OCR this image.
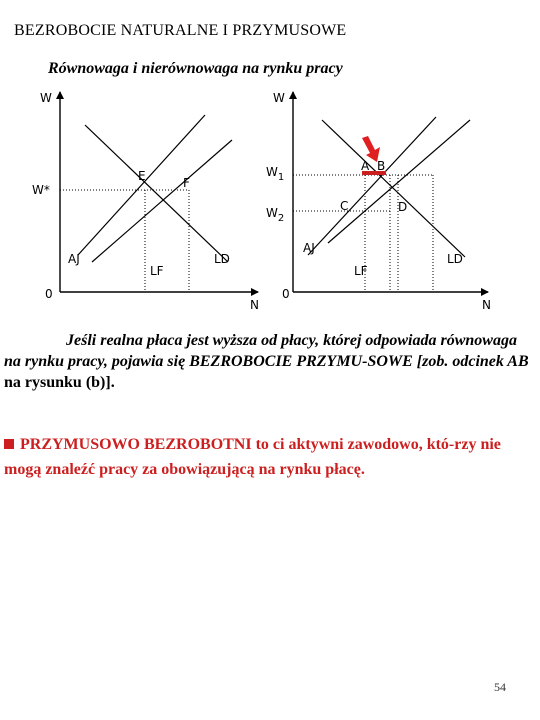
BEZROBOCIE NATURALNE I PRZYMUSOWE
Równowaga i nierównowaga na rynku pracy
W
W*
0
N
E	F
AJ
LF
LD
W
$W_1$
$W_2$
0
N
A B
C	D
AJ
LF
LD
Jeśli realna płaca jest wyższa od płacy, której odpowiada równowaga na rynku pracy, pojawia się BEZROBOCIE PRZYMU-SOWE [zob. odcinek AB na rysunku (b)].
PRZYMUSOWO BEZROBOTNI to ci aktywni zawodowo, któ-rzy nie mogą znaleźć pracy za obowiązującą na rynku płacę.
54
